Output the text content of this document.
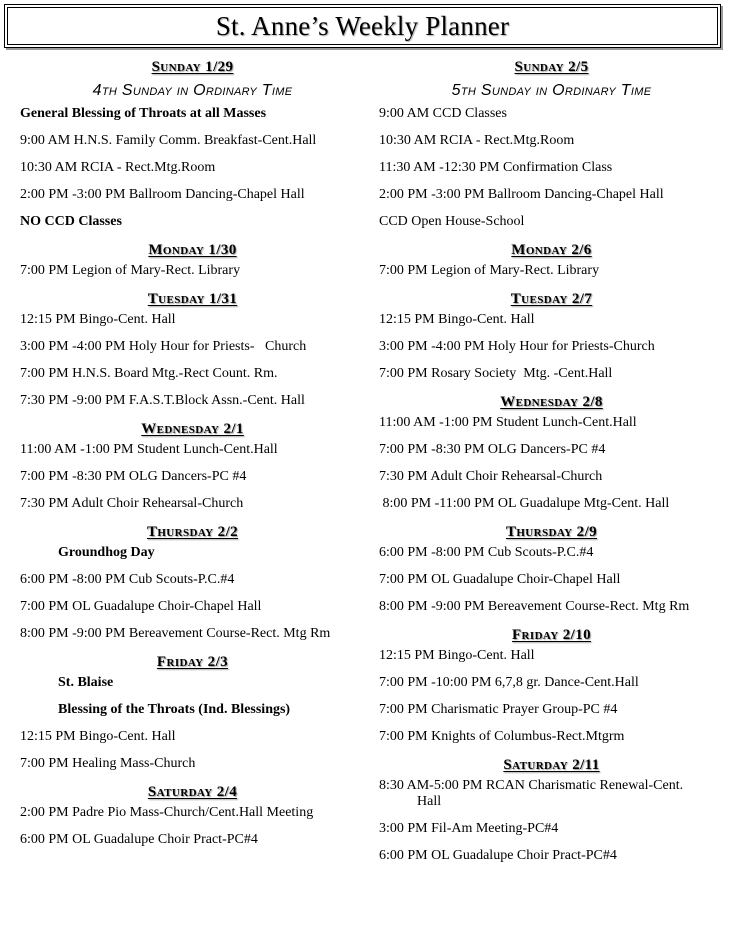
St. Anne’s Weekly Planner
Sunday 1/29
4th Sunday in Ordinary Time
General Blessing of Throats at all Masses
9:00 AM H.N.S. Family Comm. Breakfast-Cent.Hall
10:30 AM RCIA - Rect.Mtg.Room
2:00 PM -3:00 PM Ballroom Dancing-Chapel Hall
NO CCD Classes
Monday 1/30
7:00 PM Legion of Mary-Rect. Library
Tuesday 1/31
12:15 PM Bingo-Cent. Hall
3:00 PM -4:00 PM Holy Hour for Priests-   Church
7:00 PM H.N.S. Board Mtg.-Rect Count. Rm.
7:30 PM -9:00 PM F.A.S.T.Block Assn.-Cent. Hall
Wednesday 2/1
11:00 AM -1:00 PM Student Lunch-Cent.Hall
7:00 PM -8:30 PM OLG Dancers-PC #4
7:30 PM Adult Choir Rehearsal-Church
Thursday 2/2
Groundhog Day
6:00 PM -8:00 PM Cub Scouts-P.C.#4
7:00 PM OL Guadalupe Choir-Chapel Hall
8:00 PM -9:00 PM Bereavement Course-Rect. Mtg Rm
Friday 2/3
St. Blaise
Blessing of the Throats (Ind. Blessings)
12:15 PM Bingo-Cent. Hall
7:00 PM Healing Mass-Church
Saturday 2/4
2:00 PM Padre Pio Mass-Church/Cent.Hall Meeting
6:00 PM OL Guadalupe Choir Pract-PC#4
Sunday 2/5
5th Sunday in Ordinary Time
9:00 AM CCD Classes
10:30 AM RCIA - Rect.Mtg.Room
11:30 AM -12:30 PM Confirmation Class
2:00 PM -3:00 PM Ballroom Dancing-Chapel Hall
CCD Open House-School
Monday 2/6
7:00 PM Legion of Mary-Rect. Library
Tuesday 2/7
12:15 PM Bingo-Cent. Hall
3:00 PM -4:00 PM Holy Hour for Priests-Church
7:00 PM Rosary Society  Mtg. -Cent.Hall
Wednesday 2/8
11:00 AM -1:00 PM Student Lunch-Cent.Hall
7:00 PM -8:30 PM OLG Dancers-PC #4
7:30 PM Adult Choir Rehearsal-Church
8:00 PM -11:00 PM OL Guadalupe Mtg-Cent. Hall
Thursday 2/9
6:00 PM -8:00 PM Cub Scouts-P.C.#4
7:00 PM OL Guadalupe Choir-Chapel Hall
8:00 PM -9:00 PM Bereavement Course-Rect. Mtg Rm
Friday 2/10
12:15 PM Bingo-Cent. Hall
7:00 PM -10:00 PM 6,7,8 gr. Dance-Cent.Hall
7:00 PM Charismatic Prayer Group-PC #4
7:00 PM Knights of Columbus-Rect.Mtgrm
Saturday 2/11
8:30 AM-5:00 PM RCAN Charismatic Renewal-Cent. Hall
3:00 PM Fil-Am Meeting-PC#4
6:00 PM OL Guadalupe Choir Pract-PC#4
